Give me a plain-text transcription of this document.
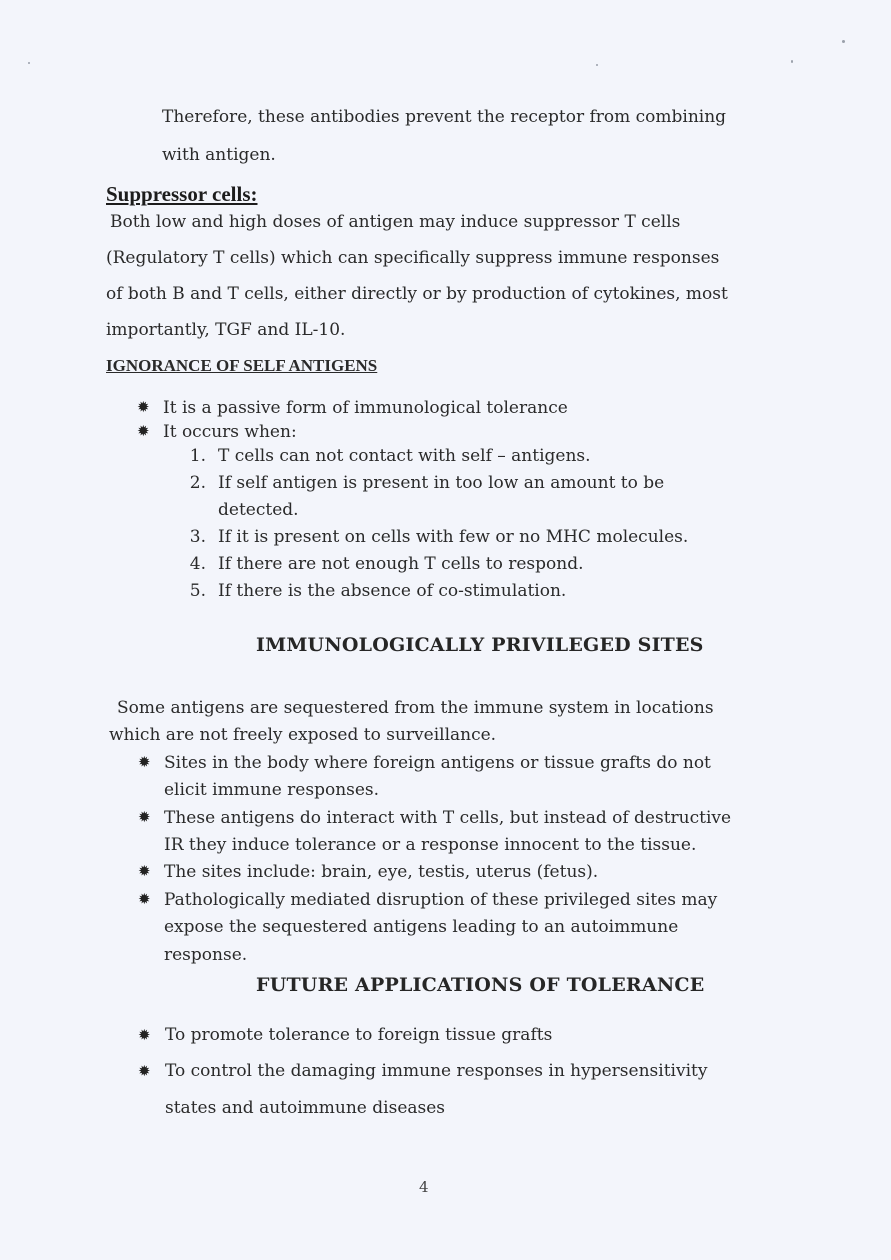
Therefore, these antibodies prevent the receptor from combining
with antigen.
Suppressor cells:
Both low and high doses of antigen may induce suppressor T cells
(Regulatory T cells) which can specifically suppress immune responses
of both B and T cells, either directly or by production of cytokines, most
importantly, TGF and IL-10.
IGNORANCE OF SELF ANTIGENS
✹ It is a passive form of immunological tolerance
✹ It occurs when:
1. T cells can not contact with self – antigens.
2. If self antigen is present in too low an amount to be
detected.
3. If it is present on cells with few or no MHC molecules.
4. If there are not enough T cells to respond.
5. If there is the absence of co-stimulation.
IMMUNOLOGICALLY PRIVILEGED SITES
Some antigens are sequestered from the immune system in locations
which are not freely exposed to surveillance.
✹ Sites in the body where foreign antigens or tissue grafts do not
elicit immune responses.
✹ These antigens do interact with T cells, but instead of destructive
IR they induce tolerance or a response innocent to the tissue.
✹ The sites include: brain, eye, testis, uterus (fetus).
✹ Pathologically mediated disruption of these privileged sites may
expose the sequestered antigens leading to an autoimmune
response.
FUTURE APPLICATIONS OF TOLERANCE
✹ To promote tolerance to foreign tissue grafts
✹ To control the damaging immune responses in hypersensitivity
states and autoimmune diseases
4
